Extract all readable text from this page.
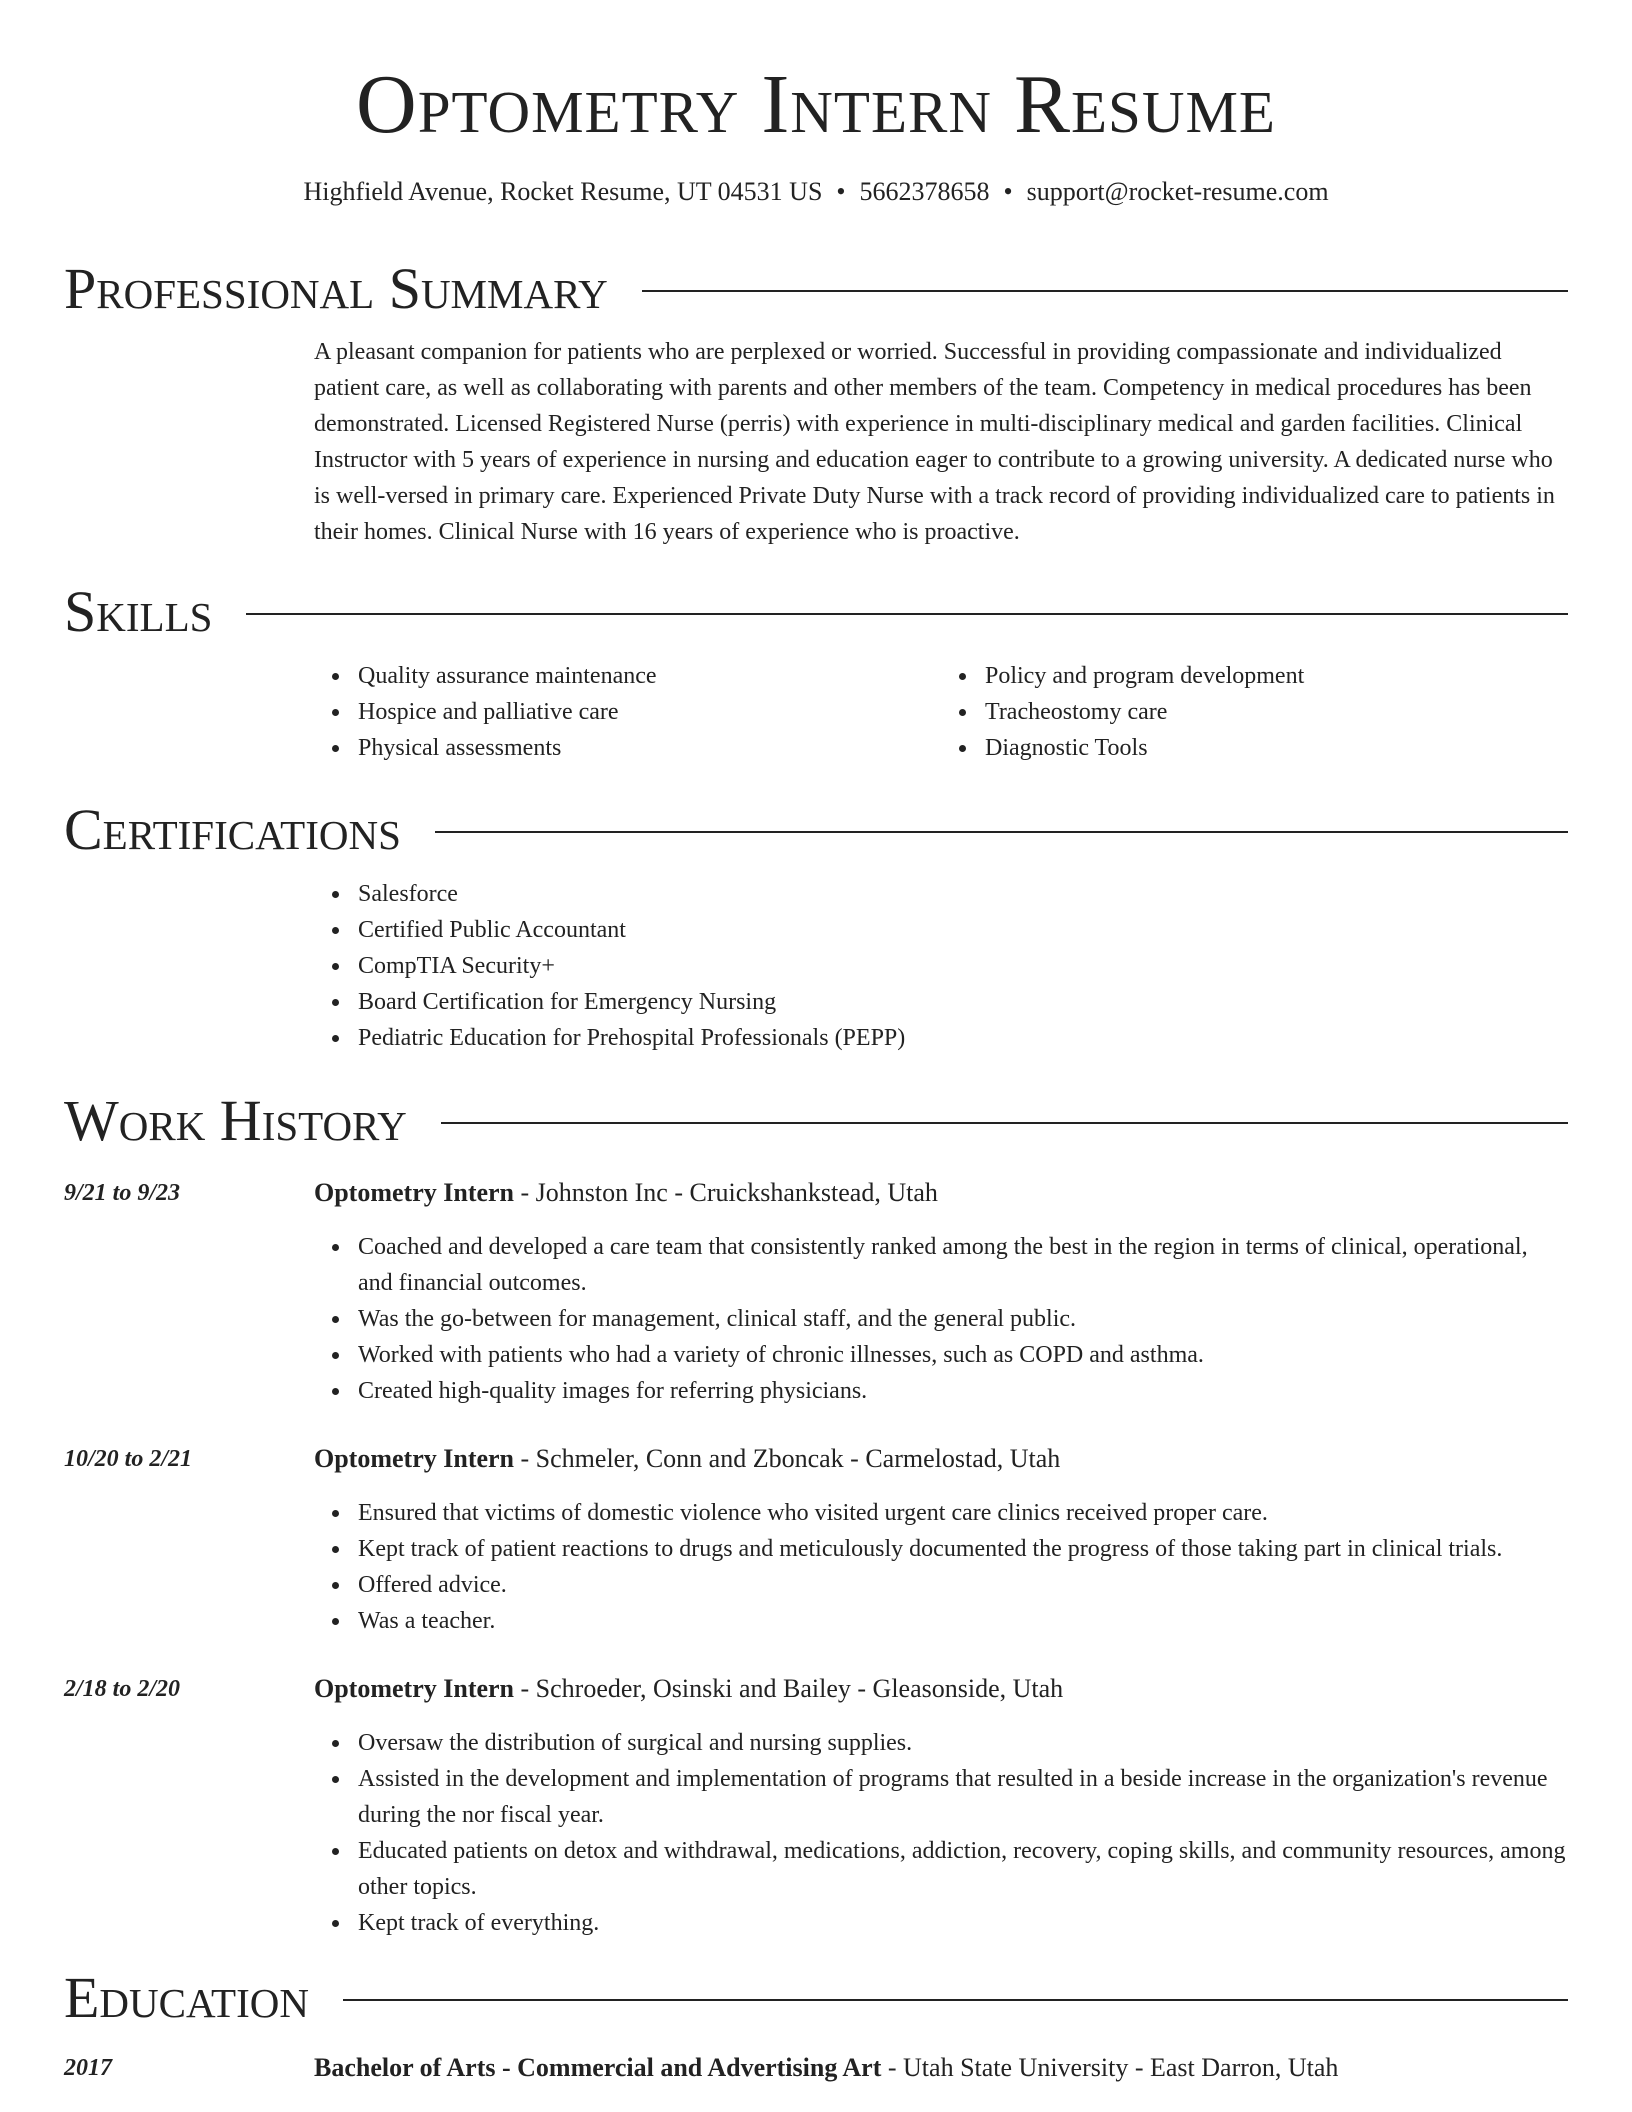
Optometry Intern Resume
Highfield Avenue, Rocket Resume, UT 04531 US • 5662378658 • support@rocket-resume.com
Professional Summary

A pleasant companion for patients who are perplexed or worried. Successful in providing compassionate and individualized patient care, as well as collaborating with parents and other members of the team. Competency in medical procedures has been demonstrated. Licensed Registered Nurse (perris) with experience in multi-disciplinary medical and garden facilities. Clinical Instructor with 5 years of experience in nursing and education eager to contribute to a growing university. A dedicated nurse who is well-versed in primary care. Experienced Private Duty Nurse with a track record of providing individualized care to patients in their homes. Clinical Nurse with 16 years of experience who is proactive.

Skills
Quality assurance maintenance
Hospice and palliative care
Physical assessments
Policy and program development
Tracheostomy care
Diagnostic Tools
Certifications
Salesforce
Certified Public Accountant
CompTIA Security+
Board Certification for Emergency Nursing
Pediatric Education for Prehospital Professionals (PEPP)
Work History
9/21 to 9/23	Optometry Intern - Johnston Inc - Cruickshankstead, Utah
Coached and developed a care team that consistently ranked among the best in the region in terms of clinical, operational, and financial outcomes.
Was the go-between for management, clinical staff, and the general public.
Worked with patients who had a variety of chronic illnesses, such as COPD and asthma.
Created high-quality images for referring physicians.
10/20 to 2/21	Optometry Intern - Schmeler, Conn and Zboncak - Carmelostad, Utah
Ensured that victims of domestic violence who visited urgent care clinics received proper care.
Kept track of patient reactions to drugs and meticulously documented the progress of those taking part in clinical trials.
Offered advice.
Was a teacher.
2/18 to 2/20	Optometry Intern - Schroeder, Osinski and Bailey - Gleasonside, Utah
Oversaw the distribution of surgical and nursing supplies.
Assisted in the development and implementation of programs that resulted in a beside increase in the organization's revenue during the nor fiscal year.
Educated patients on detox and withdrawal, medications, addiction, recovery, coping skills, and community resources, among other topics.
Kept track of everything.
Education
2017	Bachelor of Arts - Commercial and Advertising Art - Utah State University - East Darron, Utah
